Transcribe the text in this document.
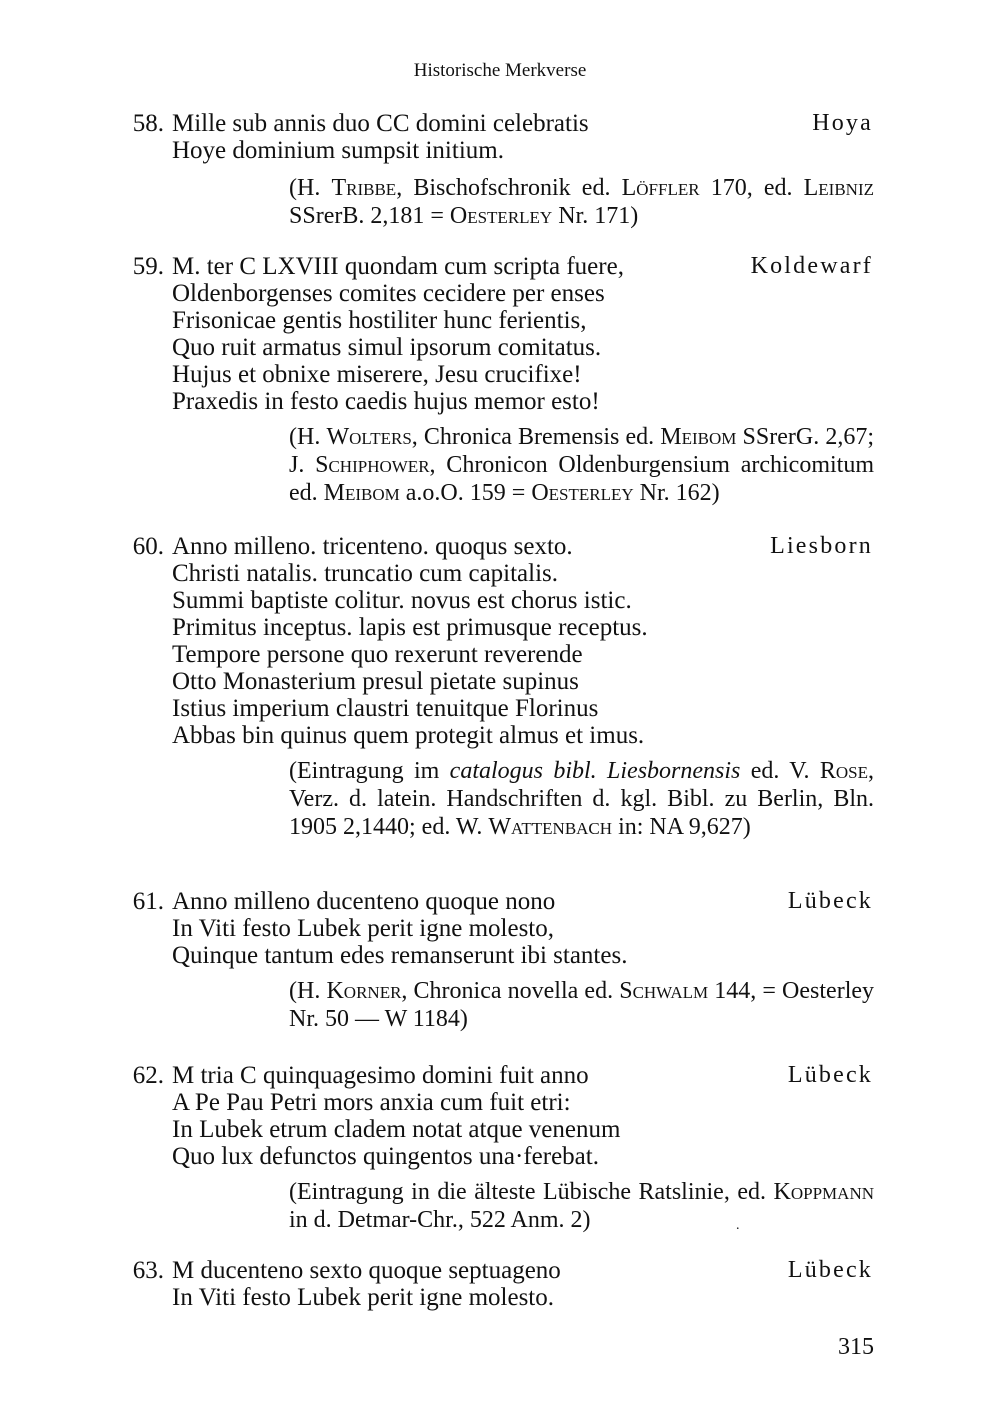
Historische Merkverse
58.	Hoya
Mille sub annis duo CC domini celebratis
Hoye dominium sumpsit initium.
(H. Tribbe, Bischofschronik ed. Löffler 170, ed. Leibniz SSrerB. 2,181 = Oesterley Nr. 171)
59.	Koldewarf
M. ter C LXVIII quondam cum scripta fuere,
Oldenborgenses comites cecidere per enses
Frisonicae gentis hostiliter hunc ferientis,
Quo ruit armatus simul ipsorum comitatus.
Hujus et obnixe miserere, Jesu crucifixe!
Praxedis in festo caedis hujus memor esto!
(H. Wolters, Chronica Bremensis ed. Meibom SSrerG. 2,67; J. Schiphower, Chronicon Oldenburgensium archicomitum ed. Meibom a.o.O. 159 = Oesterley Nr. 162)
60.	Liesborn
Anno milleno. tricenteno. quoqus sexto.
Christi natalis. truncatio cum capitalis.
Summi baptiste colitur. novus est chorus istic.
Primitus inceptus. lapis est primusque receptus.
Tempore persone quo rexerunt reverende
Otto Monasterium presul pietate supinus
Istius imperium claustri tenuitque Florinus
Abbas bin quinus quem protegit almus et imus.
(Eintragung im catalogus bibl. Liesbornensis ed. V. Rose, Verz. d. latein. Handschriften d. kgl. Bibl. zu Berlin, Bln. 1905 2,1440; ed. W. Wattenbach in: NA 9,627)
61.	Lübeck
Anno milleno ducenteno quoque nono
In Viti festo Lubek perit igne molesto,
Quinque tantum edes remanserunt ibi stantes.
(H. Korner, Chronica novella ed. Schwalm 144, = Oesterley Nr. 50 — W 1184)
62.	Lübeck
M tria C quinquagesimo domini fuit anno
A Pe Pau Petri mors anxia cum fuit etri:
In Lubek etrum cladem notat atque venenum
Quo lux defunctos quingentos una·ferebat.
(Eintragung in die älteste Lübische Ratslinie, ed. Koppmann in d. Detmar-Chr., 522 Anm. 2)	.
63.	Lübeck
M ducenteno sexto quoque septuageno
In Viti festo Lubek perit igne molesto.
315
